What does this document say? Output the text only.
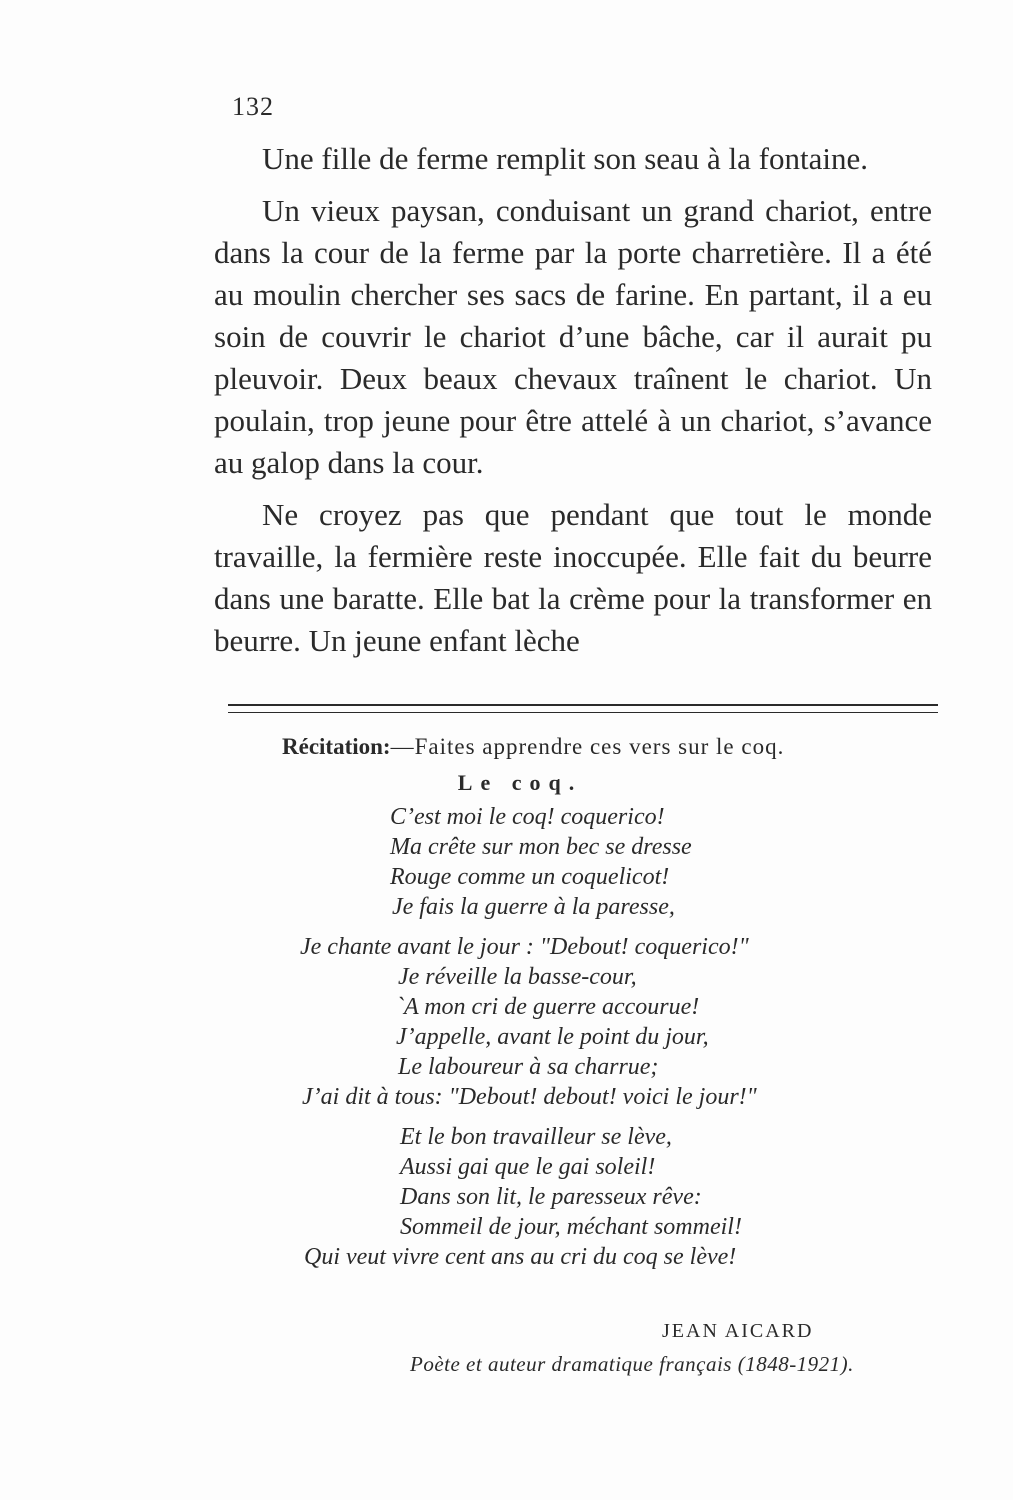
132

Une fille de ferme remplit son seau à la fontaine.

Un vieux paysan, conduisant un grand chariot, entre dans la cour de la ferme par la porte charretière. Il a été au moulin chercher ses sacs de farine. En partant, il a eu soin de couvrir le chariot d’une bâche, car il aurait pu pleuvoir. Deux beaux chevaux traînent le chariot. Un poulain, trop jeune pour être attelé à un chariot, s’avance au galop dans la cour.

Ne croyez pas que pendant que tout le monde travaille, la fermière reste inoccupée. Elle fait du beurre dans une baratte. Elle bat la crème pour la transformer en beurre. Un jeune enfant lèche

Récitation:—Faites apprendre ces vers sur le coq.
Le coq.
C’est moi le coq! coquerico!
Ma crête sur mon bec se dresse
Rouge comme un coquelicot!
Je fais la guerre à la paresse,
Je chante avant le jour : "Debout! coquerico!"
Je réveille la basse-cour,
`A mon cri de guerre accourue!
J’appelle, avant le point du jour,
Le laboureur à sa charrue;
J’ai dit à tous: "Debout! debout! voici le jour!"
Et le bon travailleur se lève,
Aussi gai que le gai soleil!
Dans son lit, le paresseux rêve:
Sommeil de jour, méchant sommeil!
Qui veut vivre cent ans au cri du coq se lève!
JEAN AICARD
Poète et auteur dramatique français (1848-1921).
